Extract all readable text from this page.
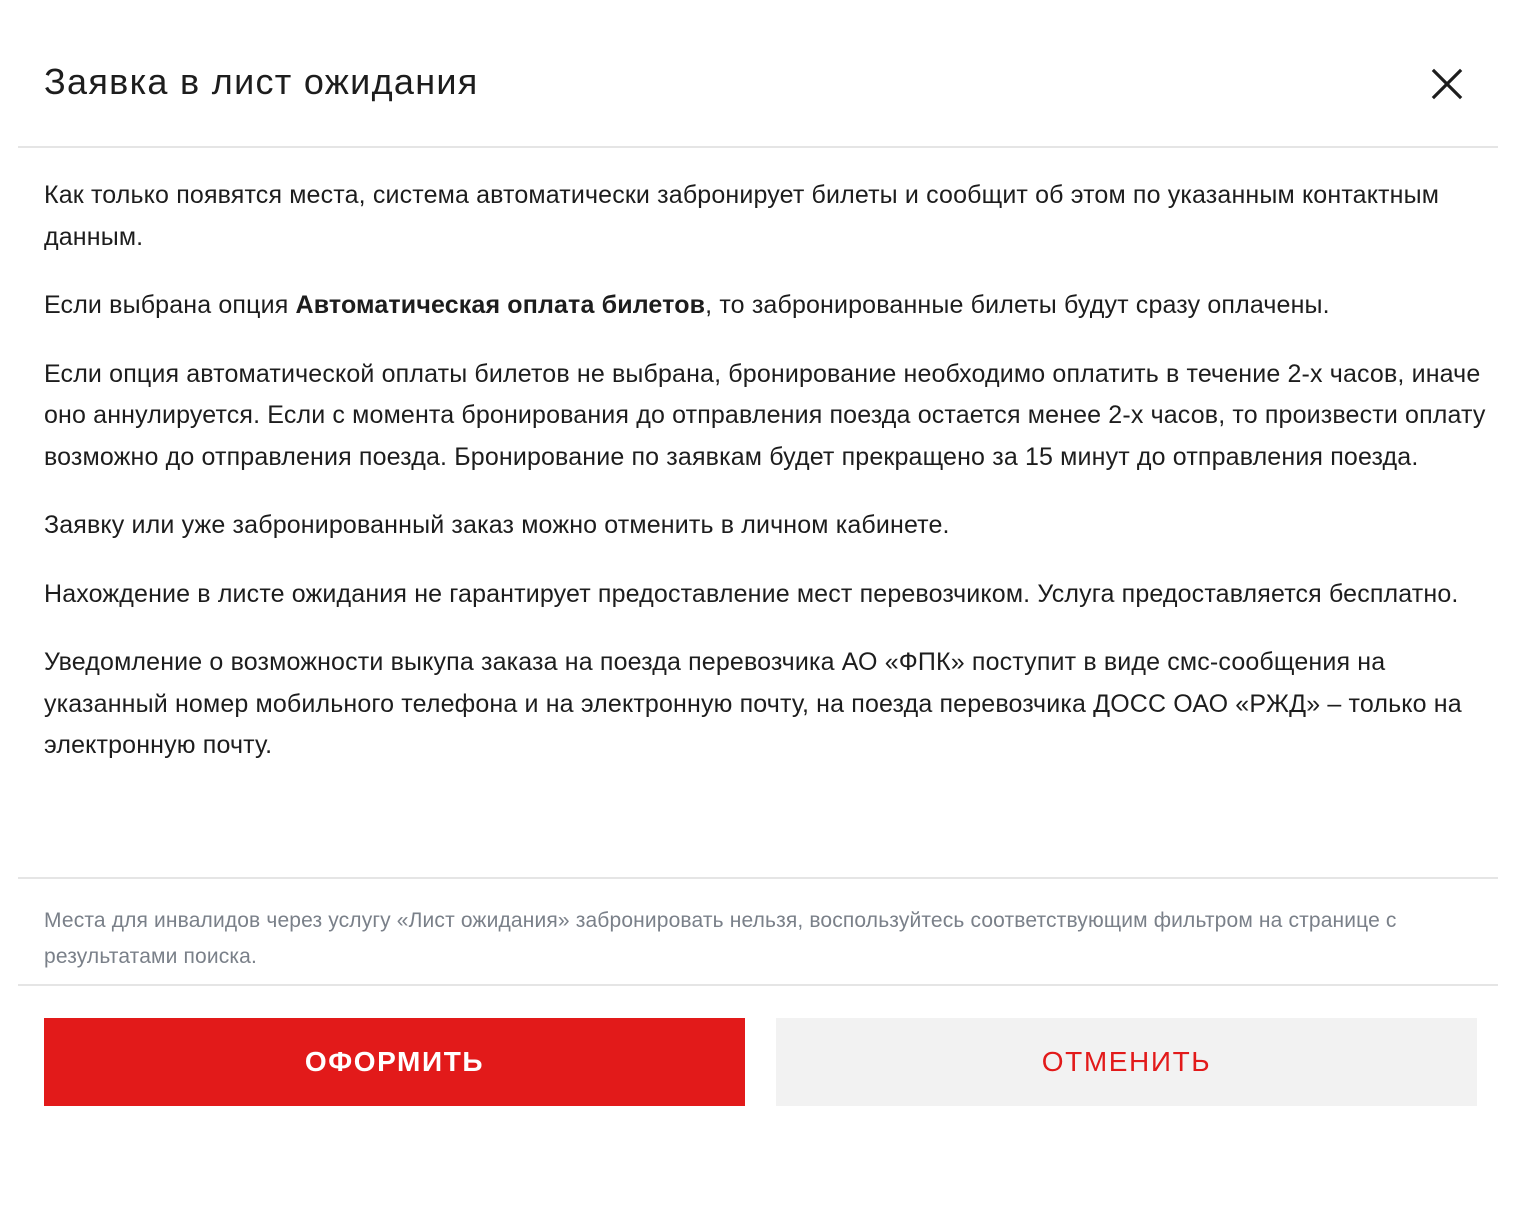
Заявка в лист ожидания

Как только появятся места, система автоматически забронирует билеты и сообщит об этом по указанным контактным данным.

Если выбрана опция Автоматическая оплата билетов, то забронированные билеты будут сразу оплачены.

Если опция автоматической оплаты билетов не выбрана, бронирование необходимо оплатить в течение 2-х часов, иначе оно аннулируется. Если с момента бронирования до отправления поезда остается менее 2-х часов, то произвести оплату возможно до отправления поезда. Бронирование по заявкам будет прекращено за 15 минут до отправления поезда.

Заявку или уже забронированный заказ можно отменить в личном кабинете.

Нахождение в листе ожидания не гарантирует предоставление мест перевозчиком. Услуга предоставляется бесплатно.

Уведомление о возможности выкупа заказа на поезда перевозчика АО «ФПК» поступит в виде смс-сообщения на указанный номер мобильного телефона и на электронную почту, на поезда перевозчика ДОСС ОАО «РЖД» – только на электронную почту.

Места для инвалидов через услугу «Лист ожидания» забронировать нельзя, воспользуйтесь соответствующим фильтром на странице с результатами поиска.

ОФОРМИТЬ	ОТМЕНИТЬ
